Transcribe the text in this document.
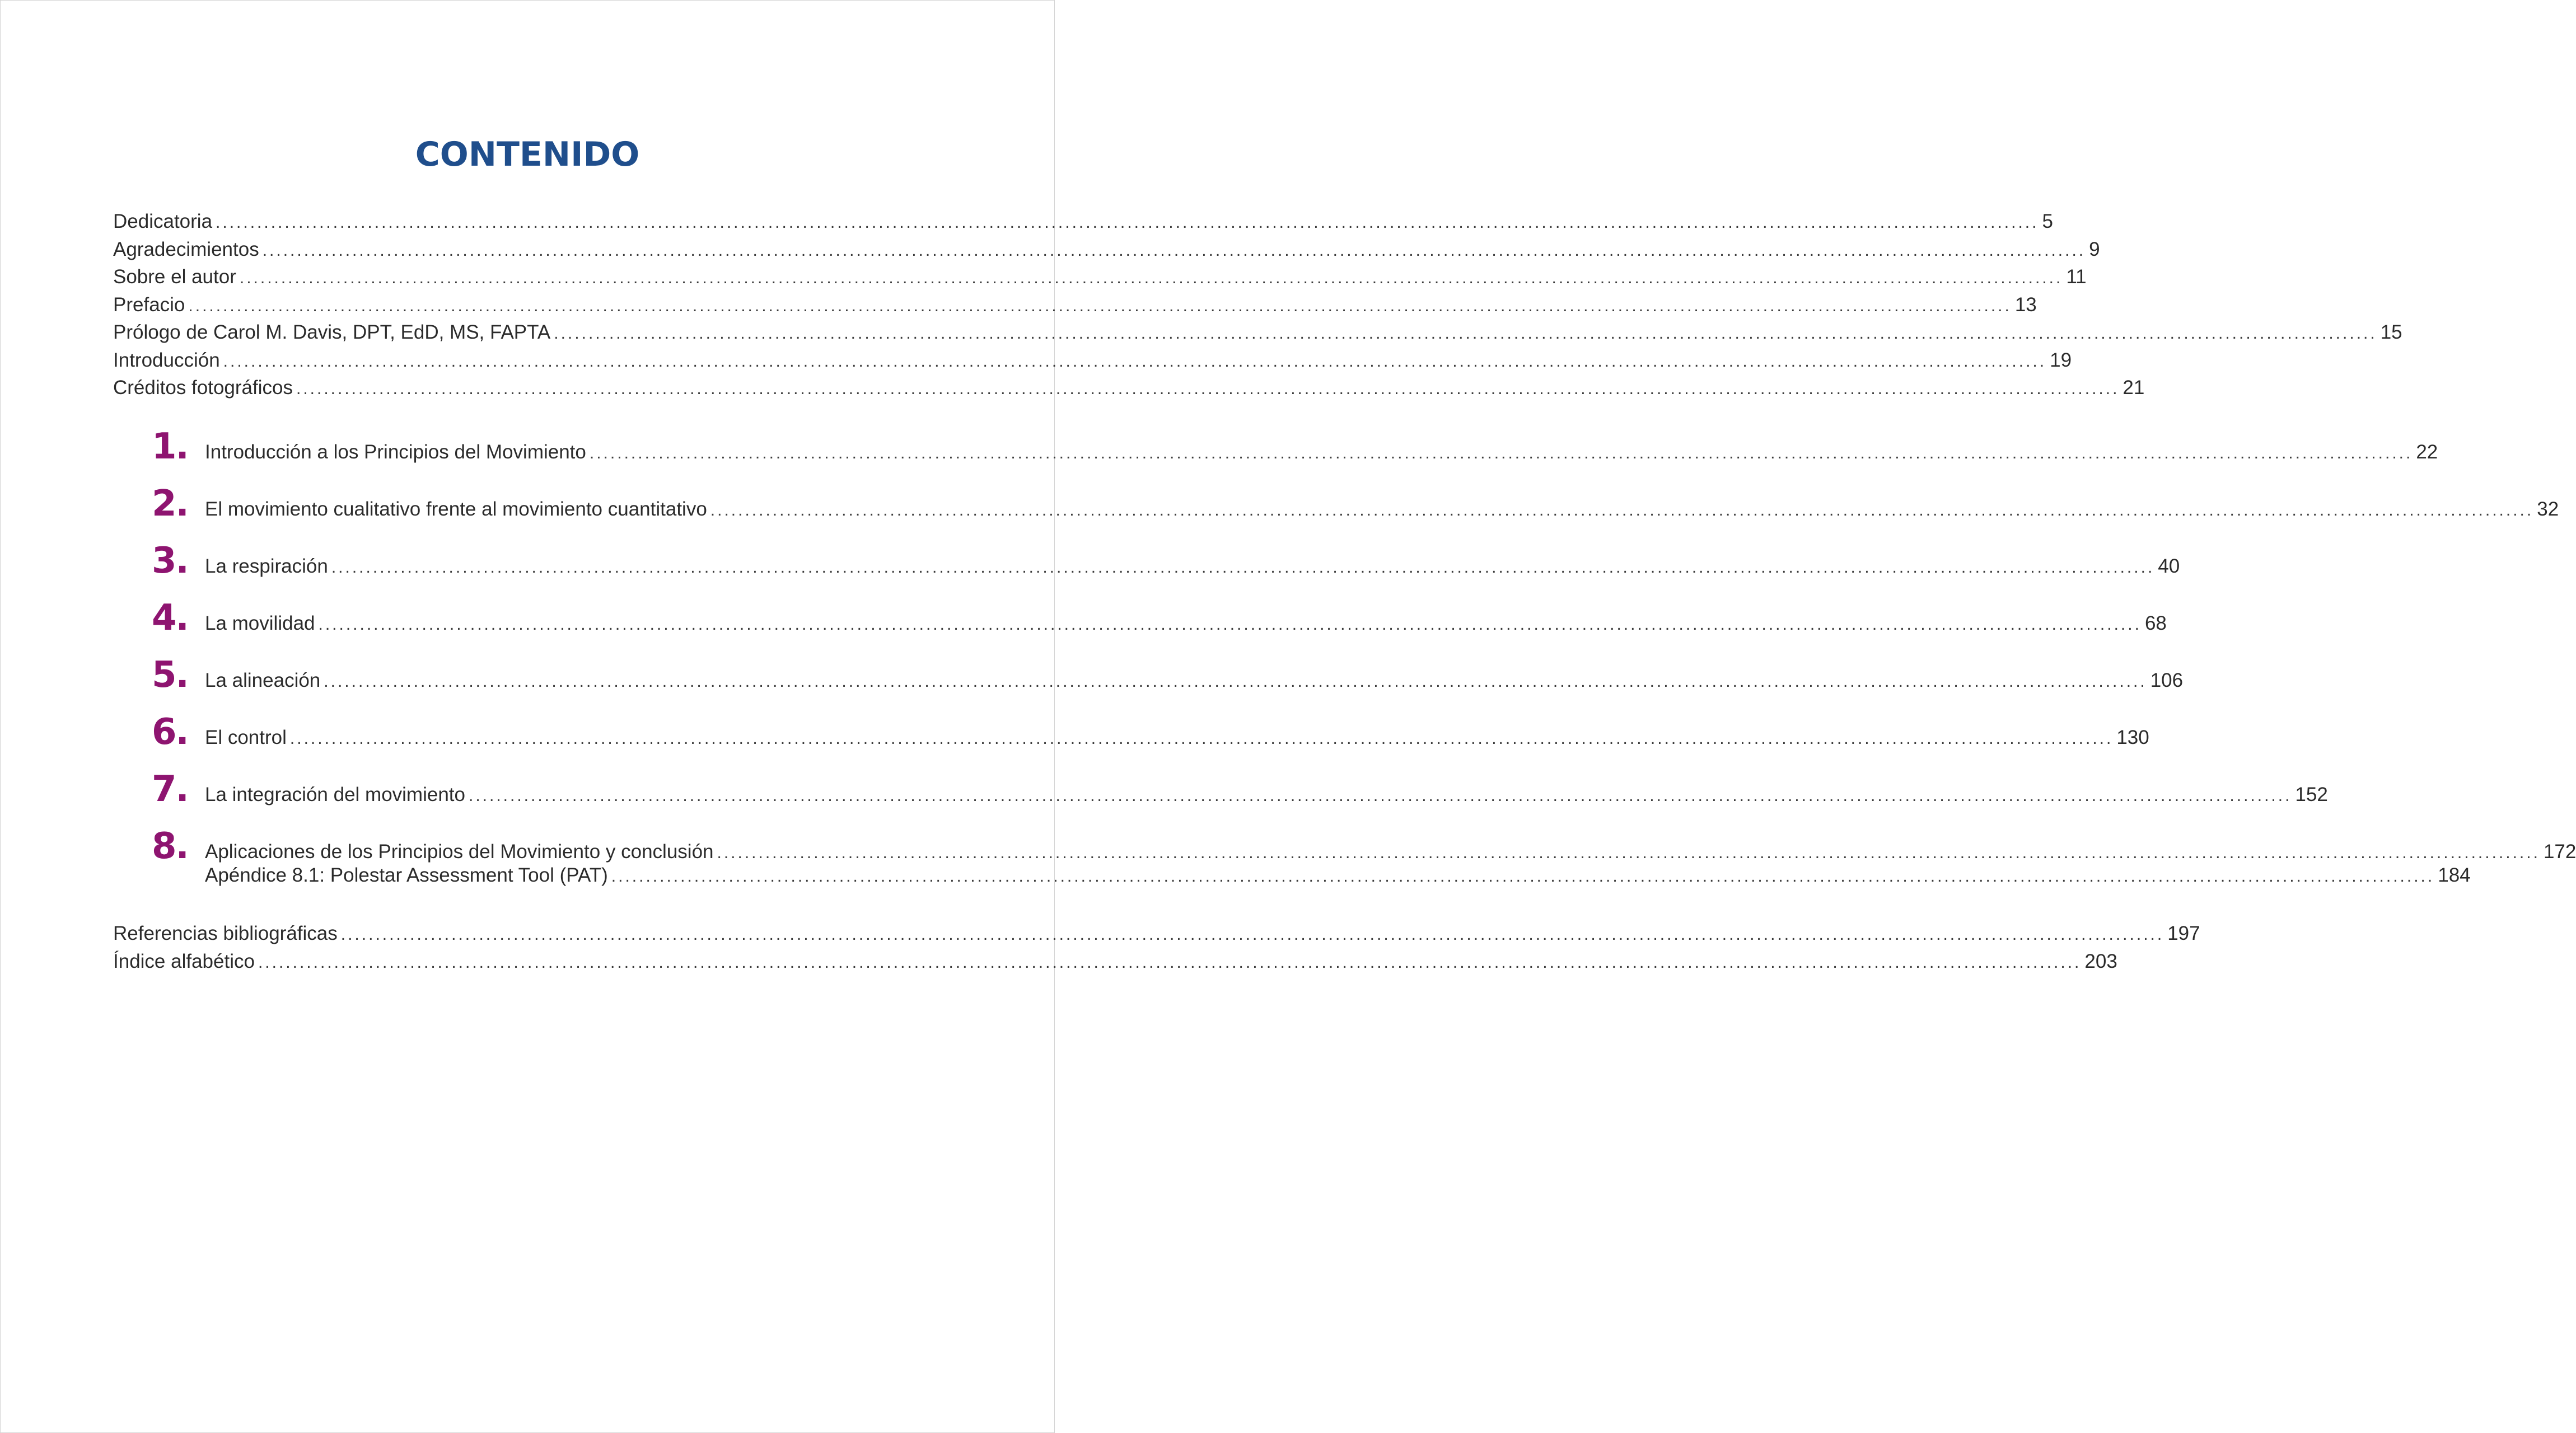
CONTENIDO
Dedicatoria .....	5
Agradecimientos .....	9
Sobre el autor .....	11
Prefacio .....	13
Prólogo de Carol M. Davis, DPT, EdD, MS, FAPTA .....	15
Introducción .....	19
Créditos fotográficos .....	21
1. Introducción a los Principios del Movimiento .....	22
2. El movimiento cualitativo frente al movimiento cuantitativo .....	32
3. La respiración .....	40
4. La movilidad .....	68
5. La alineación .....	106
6. El control .....	130
7. La integración del movimiento .....	152
8. Aplicaciones de los Principios del Movimiento y conclusión .....	172
Apéndice 8.1: Polestar Assessment Tool (PAT) .....	184
Referencias bibliográficas .....	197
Índice alfabético .....	203
